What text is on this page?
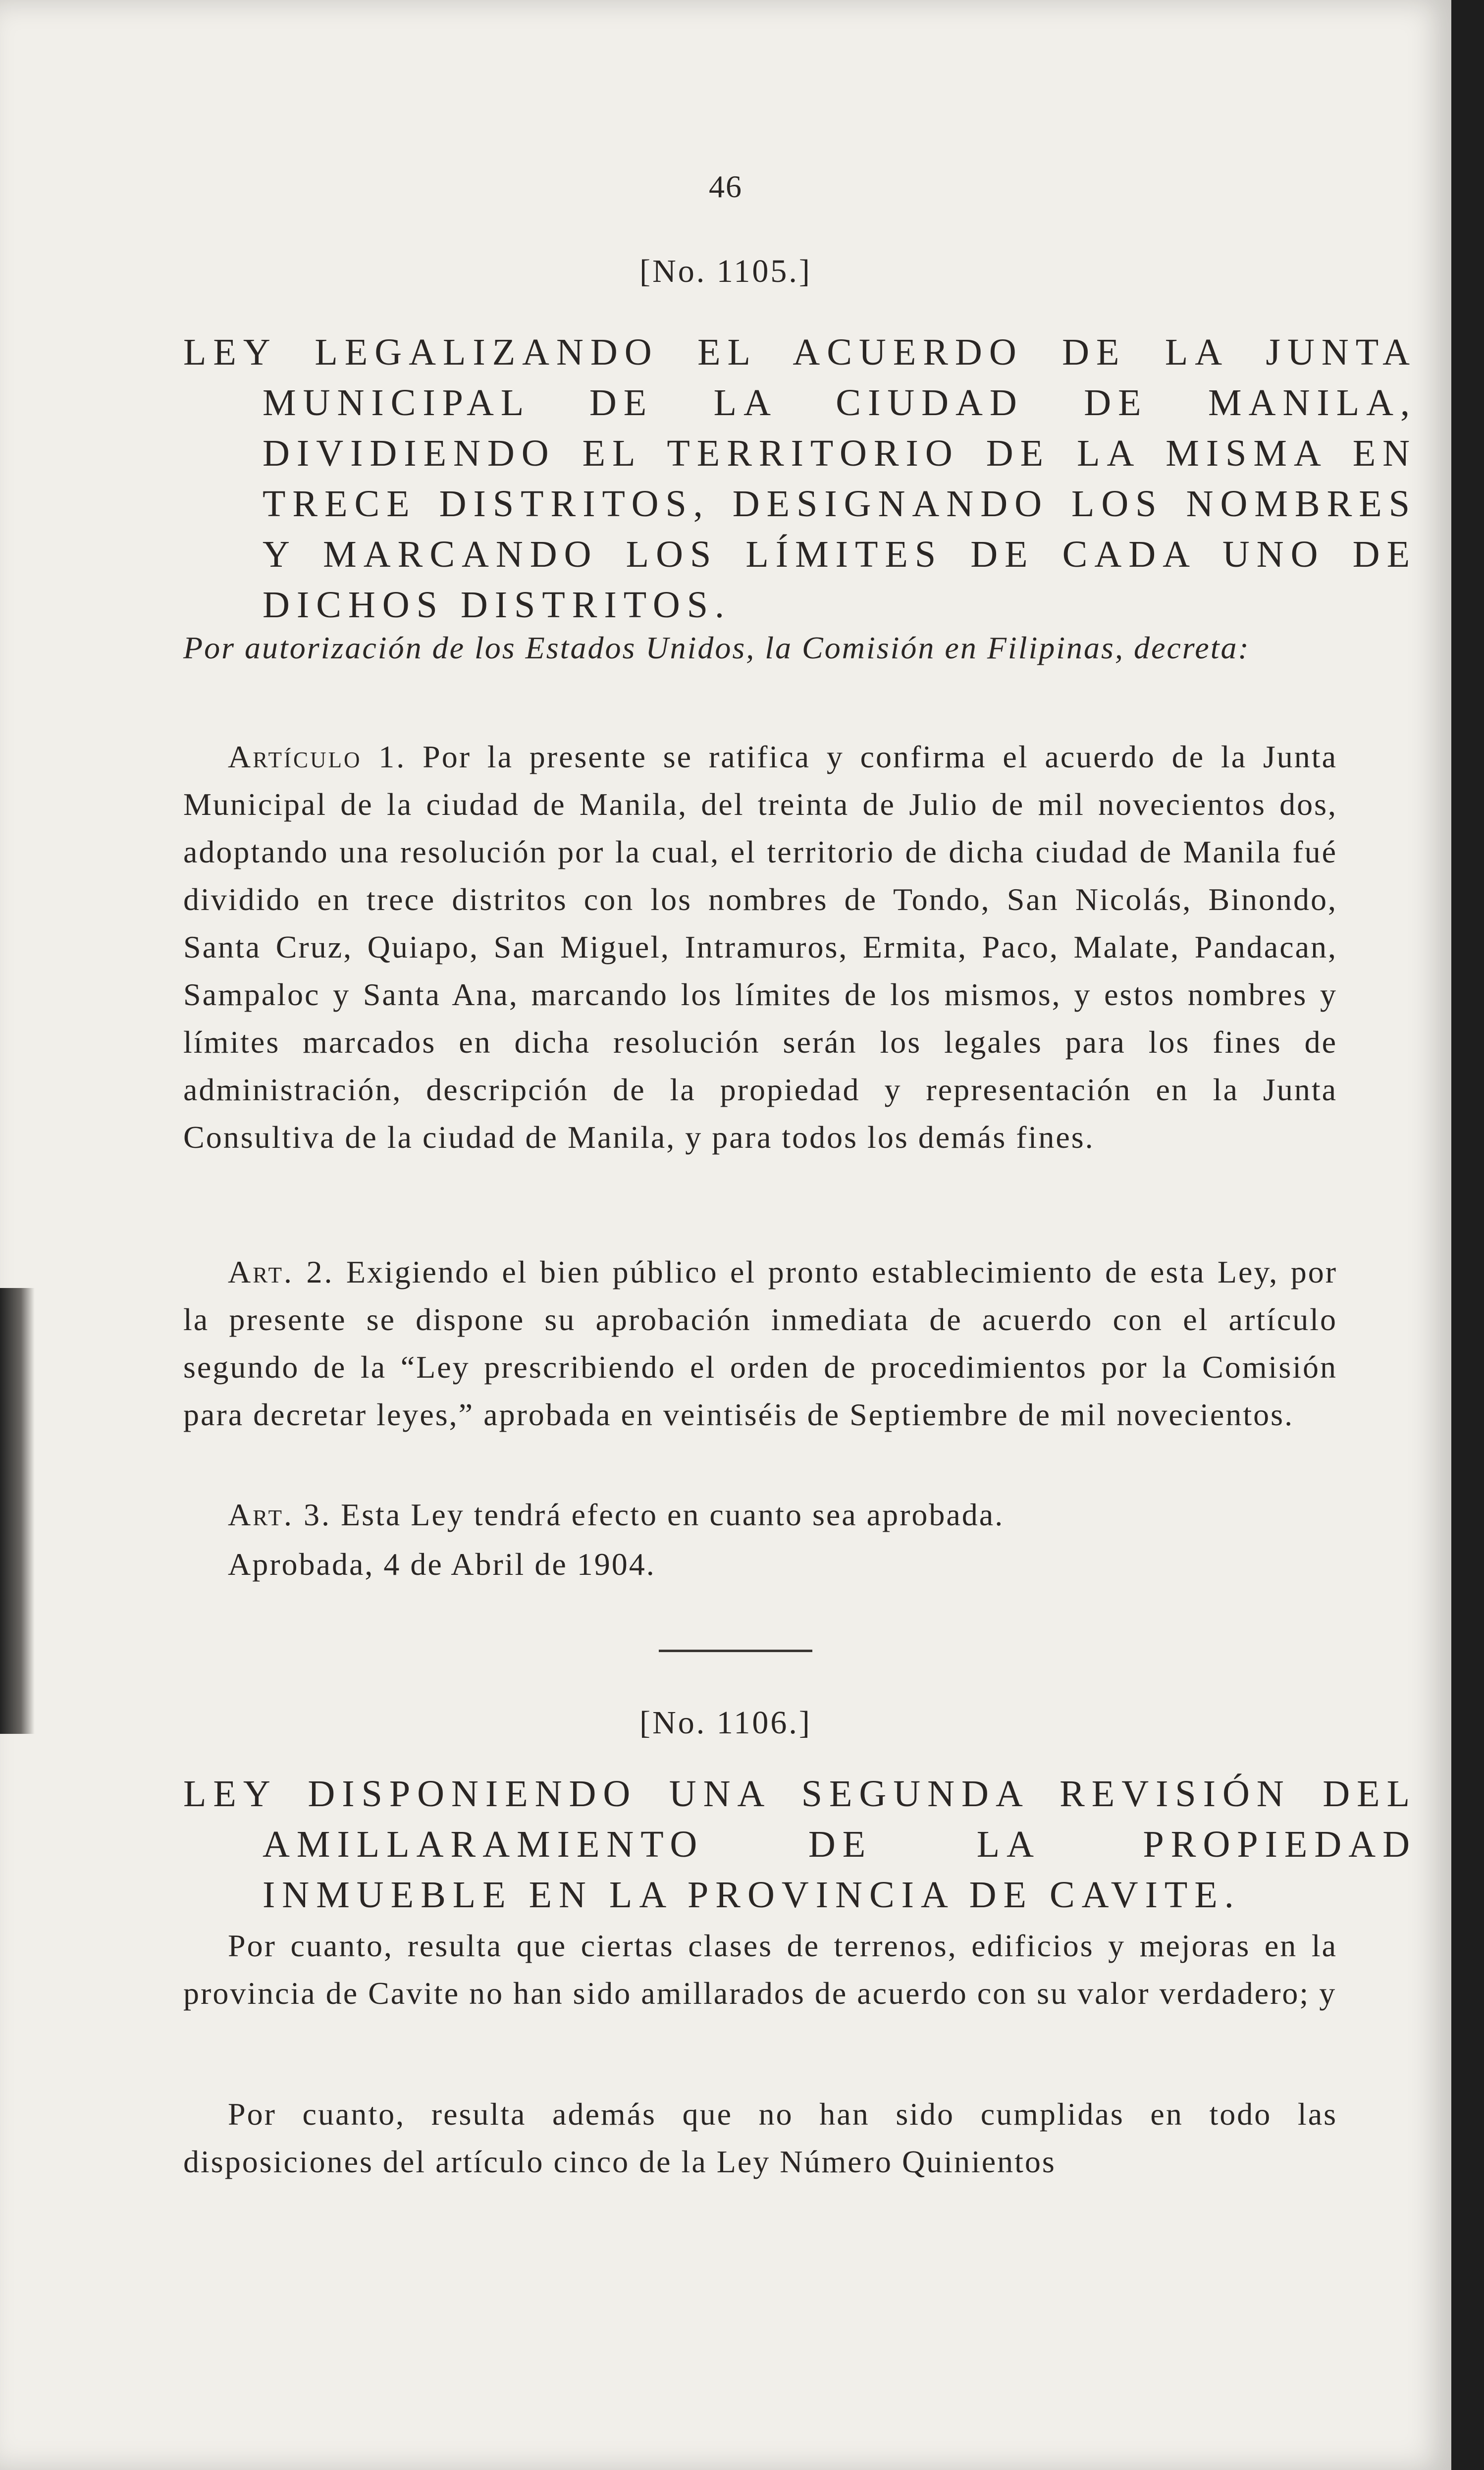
46
[No. 1105.]
LEY LEGALIZANDO EL ACUERDO DE LA JUNTA MUNICIPAL DE LA CIUDAD DE MANILA, DIVIDIENDO EL TERRITORIO DE LA MISMA EN TRECE DISTRITOS, DESIGNANDO LOS NOMBRES Y MARCANDO LOS LÍMITES DE CADA UNO DE DICHOS DISTRITOS.
Por autorización de los Estados Unidos, la Comisión en Filipinas, decreta:
Artículo 1. Por la presente se ratifica y confirma el acuerdo de la Junta Municipal de la ciudad de Manila, del treinta de Julio de mil novecientos dos, adoptando una resolución por la cual, el territorio de dicha ciudad de Manila fué dividido en trece distritos con los nombres de Tondo, San Nicolás, Binondo, Santa Cruz, Quiapo, San Miguel, Intramuros, Ermita, Paco, Malate, Pandacan, Sampaloc y Santa Ana, marcando los límites de los mismos, y estos nombres y límites marcados en dicha resolución serán los legales para los fines de administración, descripción de la propiedad y representación en la Junta Consultiva de la ciudad de Manila, y para todos los demás fines.
Art. 2. Exigiendo el bien público el pronto establecimiento de esta Ley, por la presente se dispone su aprobación inmediata de acuerdo con el artículo segundo de la “Ley prescribiendo el orden de procedimientos por la Comisión para decretar leyes,” aprobada en veintiséis de Septiembre de mil novecientos.
Art. 3. Esta Ley tendrá efecto en cuanto sea aprobada.
Aprobada, 4 de Abril de 1904.
[No. 1106.]
LEY DISPONIENDO UNA SEGUNDA REVISIÓN DEL AMILLARAMIENTO DE LA PROPIEDAD INMUEBLE EN LA PROVINCIA DE CAVITE.
Por cuanto, resulta que ciertas clases de terrenos, edificios y mejoras en la provincia de Cavite no han sido amillarados de acuerdo con su valor verdadero; y
Por cuanto, resulta además que no han sido cumplidas en todo las disposiciones del artículo cinco de la Ley Número Quinientos
